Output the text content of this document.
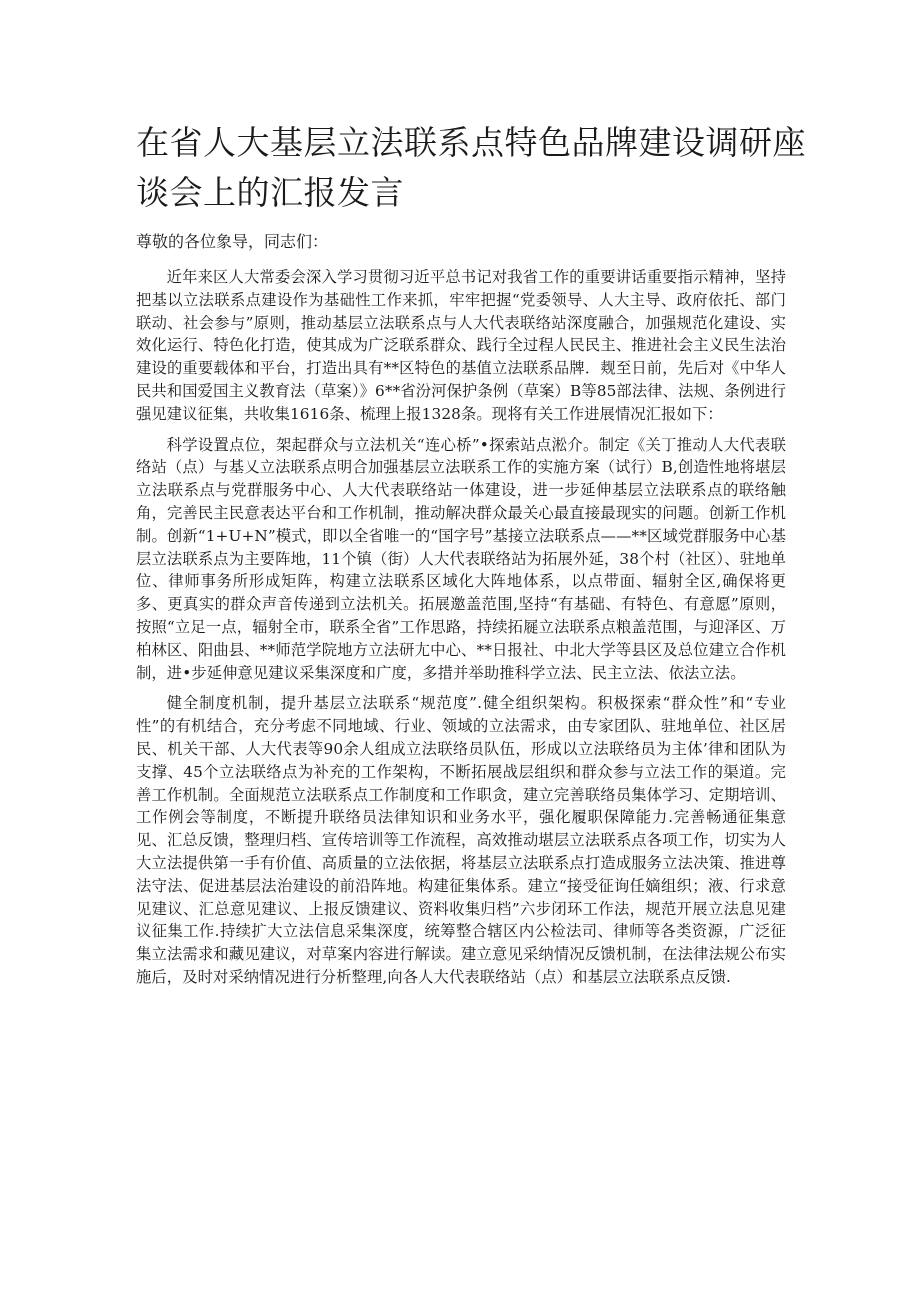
在省人大基层立法联系点特色品牌建设调研座谈会上的汇报发言

尊敬的各位象导，同志们：

近年来区人大常委会深入学习贯彻习近平总书记对我省工作的重要讲话重要指示精神，坚持把基以立法联系点建设作为基础性工作来抓，牢牢把握“党委领导、人大主导、政府依托、部门联动、社会参与”原则，推动基层立法联系点与人大代表联络站深度融合，加强规范化建设、实效化运行、特色化打造，使其成为广泛联系群众、践行全过程人民民主、推进社会主义民生法治建设的重要载体和平台，打造出具有**区特色的基值立法联系品牌．觌至日前，先后对《中华人民共和国爱国主义教育法（草案）》6**省汾河保护条例（草案）B等85部法律、法规、条例进行强见建议征集，共收集1616条、梳理上报1328条。现将有关工作进展情况汇报如下：

科学设置点位，架起群众与立法机关“连心桥”•探索站点淞介。制定《关丁推动人大代表联络站（点）与基乂立法联系点明合加强基层立法联系工作的实施方案（试行）B,创造性地将堪层立法联系点与党群服务中心、人大代表联络站一体建设，进一步延伸基层立法联系点的联络触角，完善民主民意表达平台和工作机制，推动解决群众最关心最直接最现实的问题。创新工作机制。创新“1+U+N”模式，即以全省唯一的“国字号”基接立法联系点——**区域党群服务中心基层立法联系点为主要阵地，11个镇（街）人大代表联络站为拓展外延，38个村（社区）、驻地单位、律师事务所形成矩阵，构建立法联系区域化大阵地体系，以点带面、辐射全区,确保将更多、更真实的群众声音传递到立法机关。拓展邀盖范围,坚持“有基础、有特色、有意愿”原则，按照“立足一点，辐射全市，联系全省”工作思路，持续拓屣立法联系点粮盖范围，与迎泽区、万柏林区、阳曲县、**师范学院地方立法研尢中心、**日报社、中北大学等县区及总位建立合作机制，进•步延伸意见建议采集深度和广度，多措并举助推科学立法、民主立法、依法立法。

健全制度机制，提升基层立法联系“规范度”.健全组织架构。积极探索“群众性”和“专业性”的有机结合，充分考虑不同地域、行业、领域的立法需求，由专家团队、驻地单位、社区居民、机关干部、人大代表等90余人组成立法联络员队伍，形成以立法联络员为主体’律和团队为支撑、45个立法联络点为补充的工作架构，不断拓展战层组织和群众参与立法工作的渠道。完善工作机制。全面规范立法联系点工作制度和工作职贪，建立完善联络员集体学习、定期培训、工作例会等制度，不断提升联络员法律知识和业务水平，强化履职保障能力.完善畅通征集意见、汇总反馈，整理归档、宣传培训等工作流程，高效推动堪层立法联系点各项工作，切实为人大立法提供第一手有价值、高质量的立法依据，将基层立法联系点打造成服务立法决策、推进尊法守法、促进基层法治建设的前沿阵地。构建征集体系。建立“接受征询任嫡组织；液、行求意见建议、汇总意见建议、上报反馈建议、资料收集归档”六步闭环工作法，规范开展立法息见建议征集工作.持续扩大立法信息采集深度，统筹整合辖区内公检法司、律师等各类资源，广泛征集立法需求和藏见建议，对草案内容进行解读。建立意见采纳情况反馈机制，在法律法规公布实施后，及时对采纳情况进行分析整理,向各人大代表联络站（点）和基层立法联系点反馈.
